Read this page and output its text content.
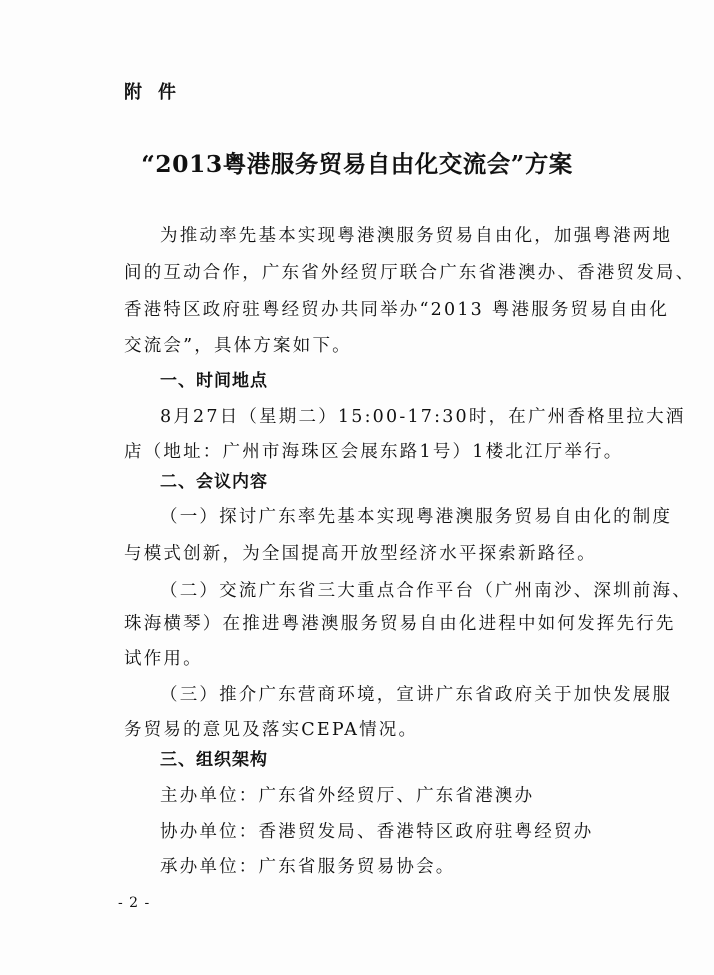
附件
“2013粤港服务贸易自由化交流会”方案
为推动率先基本实现粤港澳服务贸易自由化，加强粤港两地
间的互动合作，广东省外经贸厅联合广东省港澳办、香港贸发局、
香港特区政府驻粤经贸办共同举办“2013 粤港服务贸易自由化
交流会”，具体方案如下。
一、时间地点
8月27日（星期二）15:00-17:30时，在广州香格里拉大酒
店（地址：广州市海珠区会展东路1号）1楼北江厅举行。
二、会议内容
（一）探讨广东率先基本实现粤港澳服务贸易自由化的制度
与模式创新，为全国提高开放型经济水平探索新路径。
（二）交流广东省三大重点合作平台（广州南沙、深圳前海、
珠海横琴）在推进粤港澳服务贸易自由化进程中如何发挥先行先
试作用。
（三）推介广东营商环境，宣讲广东省政府关于加快发展服
务贸易的意见及落实CEPA情况。
三、组织架构
主办单位：广东省外经贸厅、广东省港澳办
协办单位：香港贸发局、香港特区政府驻粤经贸办
承办单位：广东省服务贸易协会。
- 2 -
